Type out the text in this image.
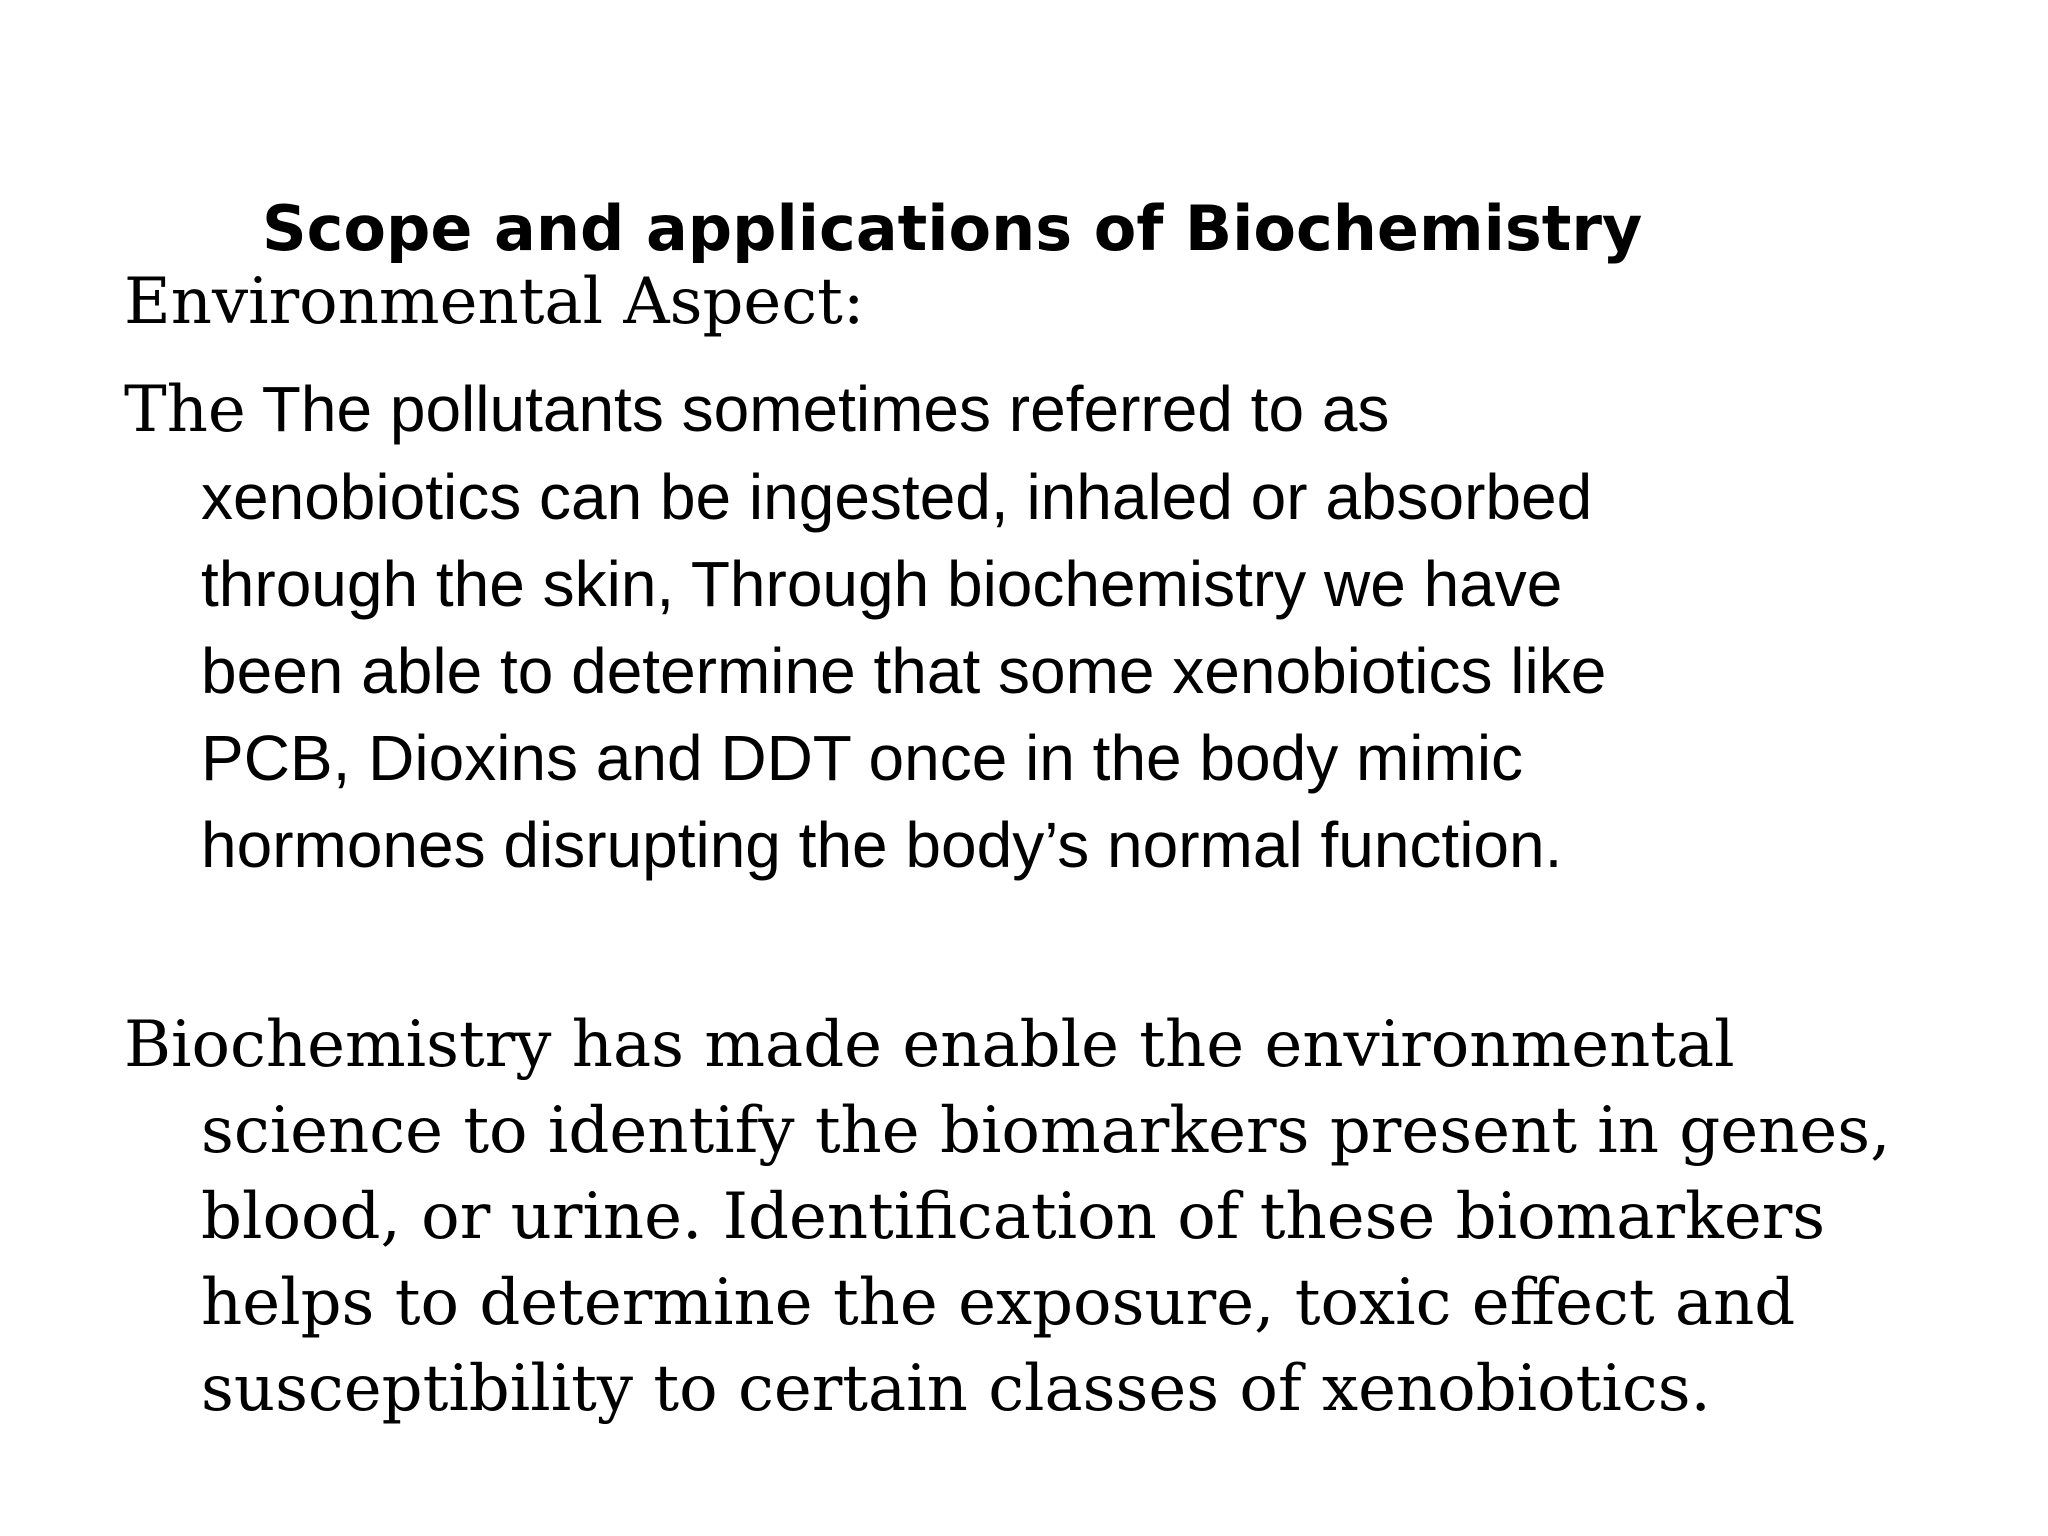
Scope and applications of Biochemistry
Environmental Aspect:
The The pollutants sometimes referred to as
xenobiotics can be ingested, inhaled or absorbed
through the skin, Through biochemistry we have
been able to determine that some xenobiotics like
PCB, Dioxins and DDT once in the body mimic
hormones disrupting the body’s normal function.
Biochemistry has made enable the environmental
science to identify the biomarkers present in genes,
blood, or urine. Identification of these biomarkers
helps to determine the exposure, toxic effect and
susceptibility to certain classes of xenobiotics.
